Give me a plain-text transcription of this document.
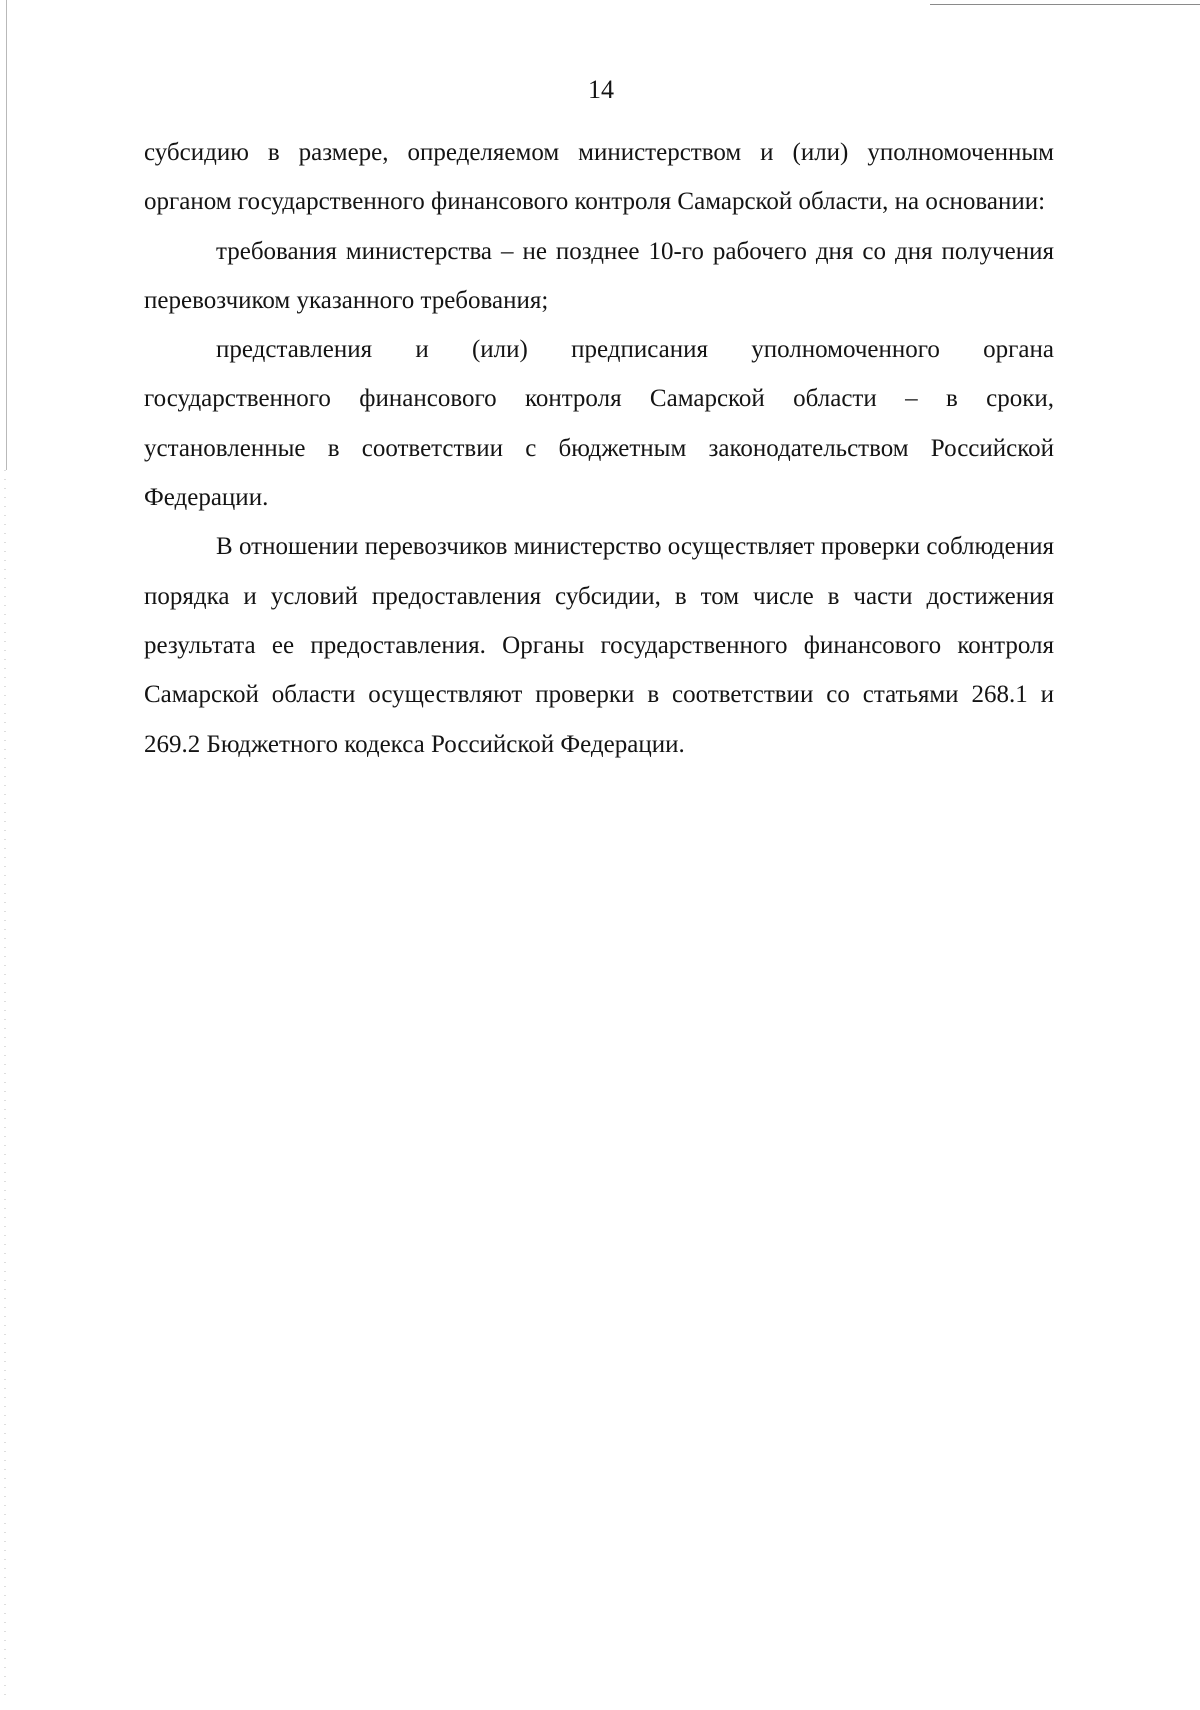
14

субсидию в размере, определяемом министерством и (или) уполномоченным органом государственного финансового контроля Самарской области, на основании:

требования министерства – не позднее 10-го рабочего дня со дня получения перевозчиком указанного требования;

представления и (или) предписания уполномоченного органа государственного финансового контроля Самарской области – в сроки, установленные в соответствии с бюджетным законодательством Российской Федерации.

В отношении перевозчиков министерство осуществляет проверки соблюдения порядка и условий предоставления субсидии, в том числе в части достижения результата ее предоставления. Органы государственного финансового контроля Самарской области осуществляют проверки в соответствии со статьями 268.1 и 269.2 Бюджетного кодекса Российской Федерации.
